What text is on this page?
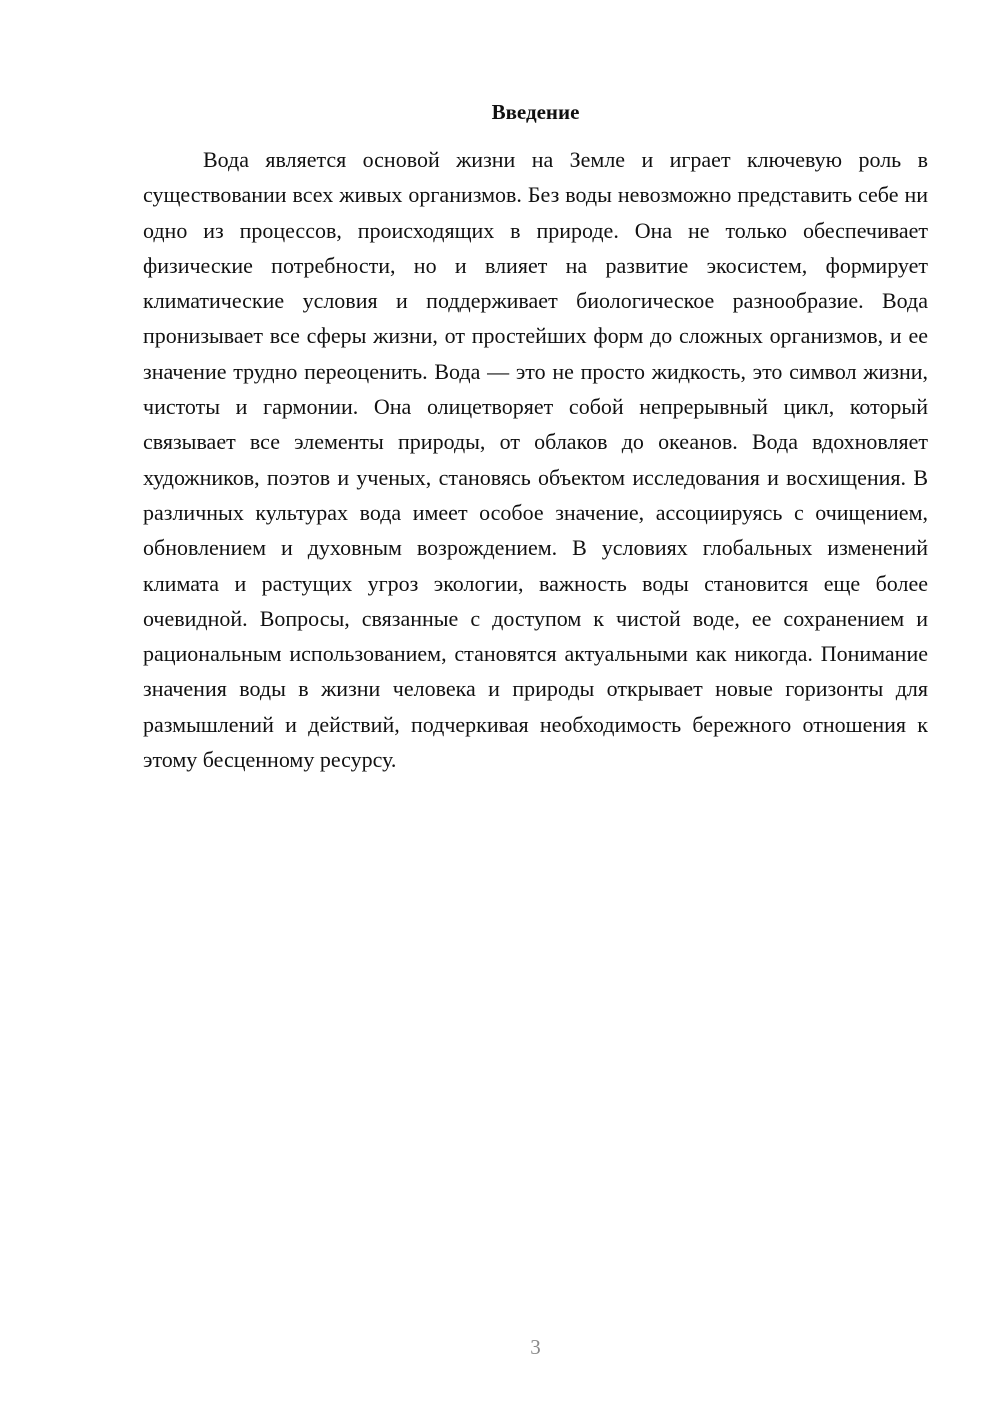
Введение

Вода является основой жизни на Земле и играет ключевую роль в существовании всех живых организмов. Без воды невозможно представить себе ни одно из процессов, происходящих в природе. Она не только обеспечивает физические потребности, но и влияет на развитие экосистем, формирует климатические условия и поддерживает биологическое разнообразие. Вода пронизывает все сферы жизни, от простейших форм до сложных организмов, и ее значение трудно переоценить. Вода — это не просто жидкость, это символ жизни, чистоты и гармонии. Она олицетворяет собой непрерывный цикл, который связывает все элементы природы, от облаков до океанов. Вода вдохновляет художников, поэтов и ученых, становясь объектом исследования и восхищения. В различных культурах вода имеет особое значение, ассоциируясь с очищением, обновлением и духовным возрождением. В условиях глобальных изменений климата и растущих угроз экологии, важность воды становится еще более очевидной. Вопросы, связанные с доступом к чистой воде, ее сохранением и рациональным использованием, становятся актуальными как никогда. Понимание значения воды в жизни человека и природы открывает новые горизонты для размышлений и действий, подчеркивая необходимость бережного отношения к этому бесценному ресурсу.

3
